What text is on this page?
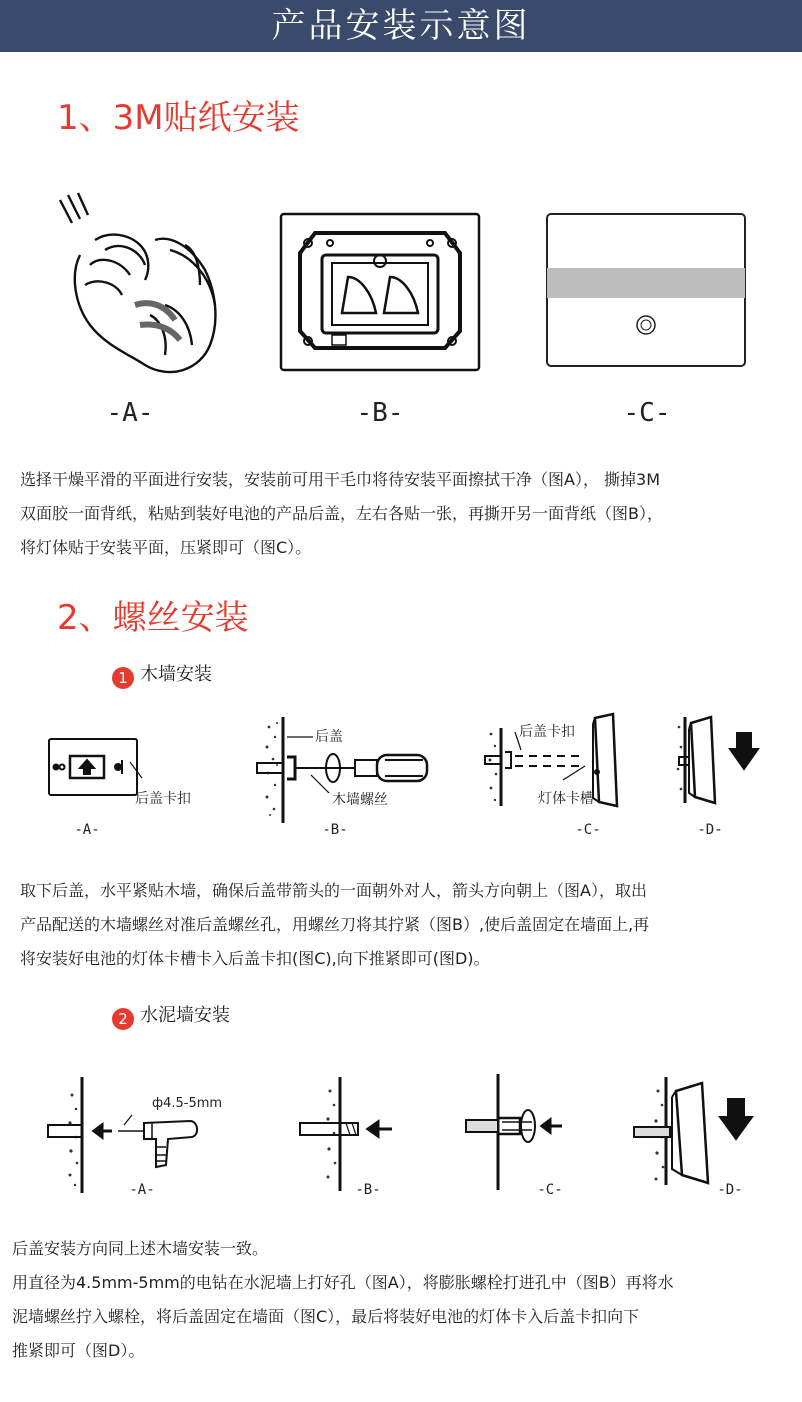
产品安装示意图
1、3M贴纸安装
-A-	-B-	-C-
选择干燥平滑的平面进行安装，安装前可用干毛巾将待安装平面擦拭干净（图A）， 撕掉3M
双面胶一面背纸，粘贴到装好电池的产品后盖，左右各贴一张，再撕开另一面背纸（图B），
将灯体贴于安装平面，压紧即可（图C）。
2、螺丝安装
1 木墙安装
后盖卡扣
后盖
木墙螺丝
后盖卡扣
灯体卡槽
-A-	-B-	-C-	-D-
取下后盖，水平紧贴木墙，确保后盖带箭头的一面朝外对人，箭头方向朝上（图A），取出
产品配送的木墙螺丝对准后盖螺丝孔，用螺丝刀将其拧紧（图B）,使后盖固定在墙面上,再
将安装好电池的灯体卡槽卡入后盖卡扣(图C),向下推紧即可(图D)。
2 水泥墙安装
ф4.5-5mm
-A-	-B-	-C-	-D-
后盖安装方向同上述木墙安装一致。
用直径为4.5mm-5mm的电钻在水泥墙上打好孔（图A），将膨胀螺栓打进孔中（图B）再将水
泥墙螺丝拧入螺栓，将后盖固定在墙面（图C），最后将装好电池的灯体卡入后盖卡扣向下
推紧即可（图D）。
